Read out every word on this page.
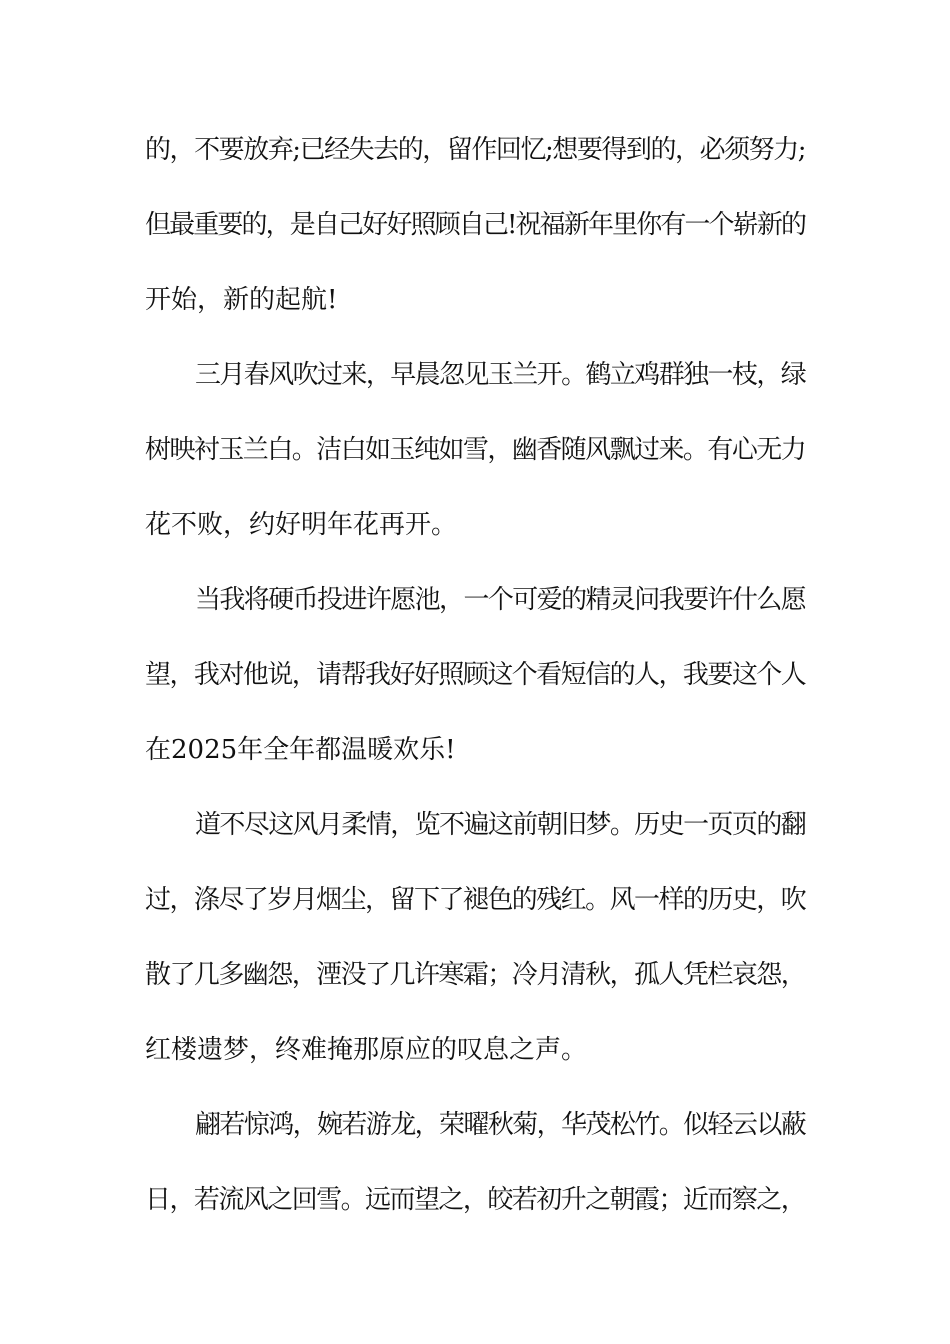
的，不要放弃;已经失去的，留作回忆;想要得到的，必须努力;
但最重要的，是自己好好照顾自己!祝福新年里你有一个崭新的
开始，新的起航!
三月春风吹过来，早晨忽见玉兰开。鹤立鸡群独一枝，绿
树映衬玉兰白。洁白如玉纯如雪，幽香随风飘过来。有心无力
花不败，约好明年花再开。
当我将硬币投进许愿池，一个可爱的精灵问我要许什么愿
望，我对他说，请帮我好好照顾这个看短信的人，我要这个人
在2025年全年都温暖欢乐!
道不尽这风月柔情，览不遍这前朝旧梦。历史一页页的翻
过，涤尽了岁月烟尘，留下了褪色的残红。风一样的历史，吹
散了几多幽怨，湮没了几许寒霜；冷月清秋，孤人凭栏哀怨，
红楼遗梦，终难掩那原应的叹息之声。
翩若惊鸿，婉若游龙，荣曜秋菊，华茂松竹。似轻云以蔽
日，若流风之回雪。远而望之，皎若初升之朝霞；近而察之，
